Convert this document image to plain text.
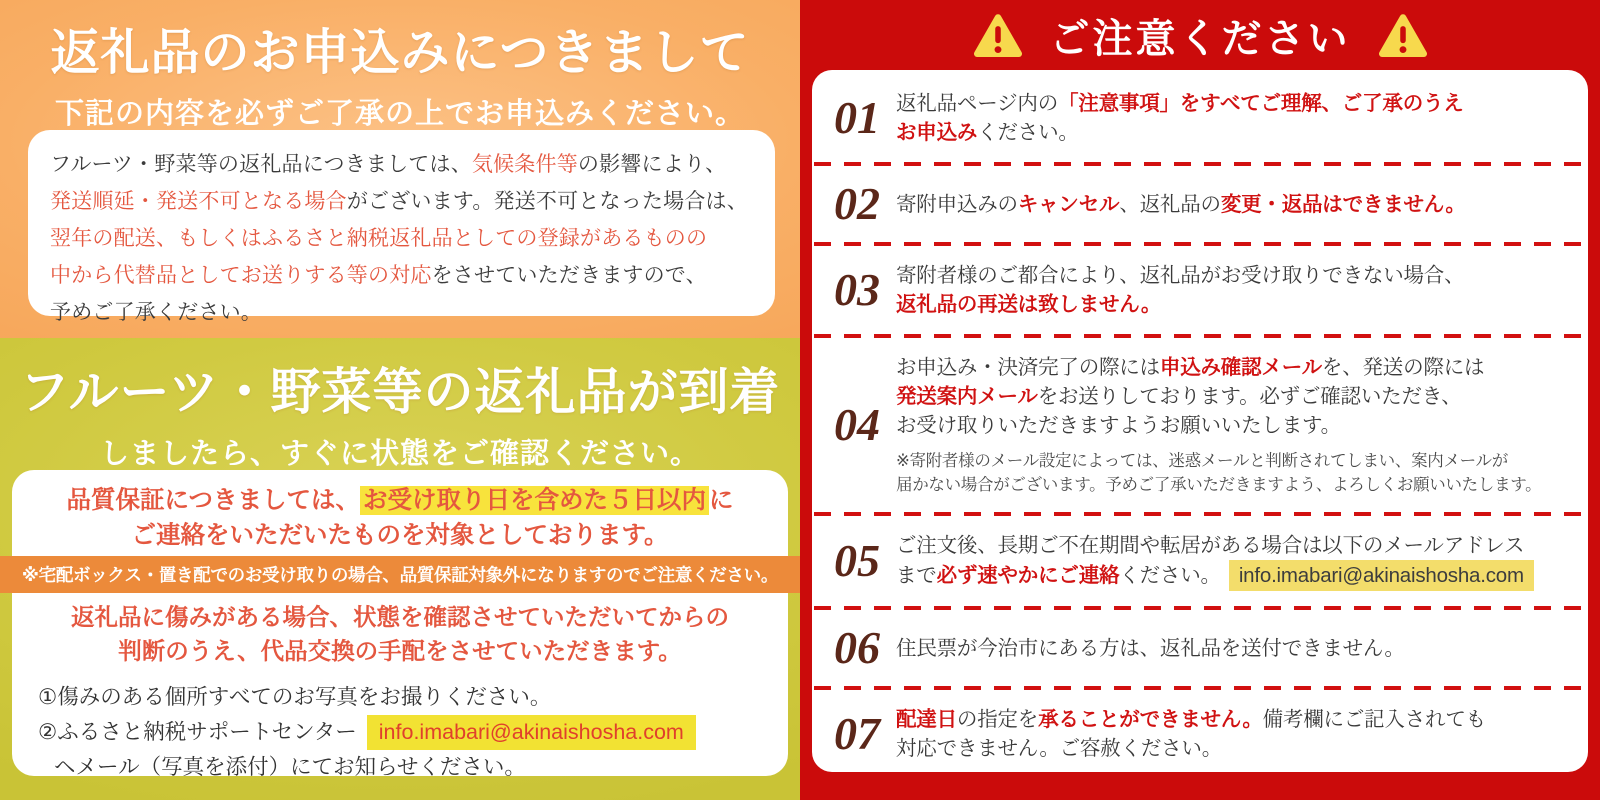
返礼品のお申込みにつきまして
下記の内容を必ずご了承の上でお申込みください。
フルーツ・野菜等の返礼品につきましては、気候条件等の影響により、
発送順延・発送不可となる場合がございます。発送不可となった場合は、
翌年の配送、もしくはふるさと納税返礼品としての登録があるものの
中から代替品としてお送りする等の対応をさせていただきますので、
予めご了承ください。
フルーツ・野菜等の返礼品が到着
しましたら、すぐに状態をご確認ください。
品質保証につきましては、 お受け取り日を含めた５日以内 に
ご連絡をいただいたものを対象としております。
返礼品に傷みがある場合、状態を確認させていただいてからの
判断のうえ、代品交換の手配をさせていただきます。
①傷みのある個所すべてのお写真をお撮りください。
②ふるさと納税サポートセンター info.imabari@akinaishosha.com
ヘメール（写真を添付）にてお知らせください。
※宅配ボックス・置き配でのお受け取りの場合、品質保証対象外になりますのでご注意ください。
ご注意ください
01 返礼品ページ内の「注意事項」をすべてご理解、ご了承のうえ
お申込みください。
02 寄附申込みのキャンセル、返礼品の変更・返品はできません。
03 寄附者様のご都合により、返礼品がお受け取りできない場合、
返礼品の再送は致しません。
04
お申込み・決済完了の際には申込み確認メールを、発送の際には
発送案内メールをお送りしております。必ずご確認いただき、
お受け取りいただきますようお願いいたします。
※寄附者様のメール設定によっては、迷惑メールと判断されてしまい、案内メールが
届かない場合がございます。予めご了承いただきますよう、よろしくお願いいたします。
05 ご注文後、長期ご不在期間や転居がある場合は以下のメールアドレス
まで必ず速やかにご連絡ください。 info.imabari@akinaishosha.com
06 住民票が今治市にある方は、返礼品を送付できません。
07 配達日の指定を承ることができません。備考欄にご記入されても
対応できません。ご容赦ください。
